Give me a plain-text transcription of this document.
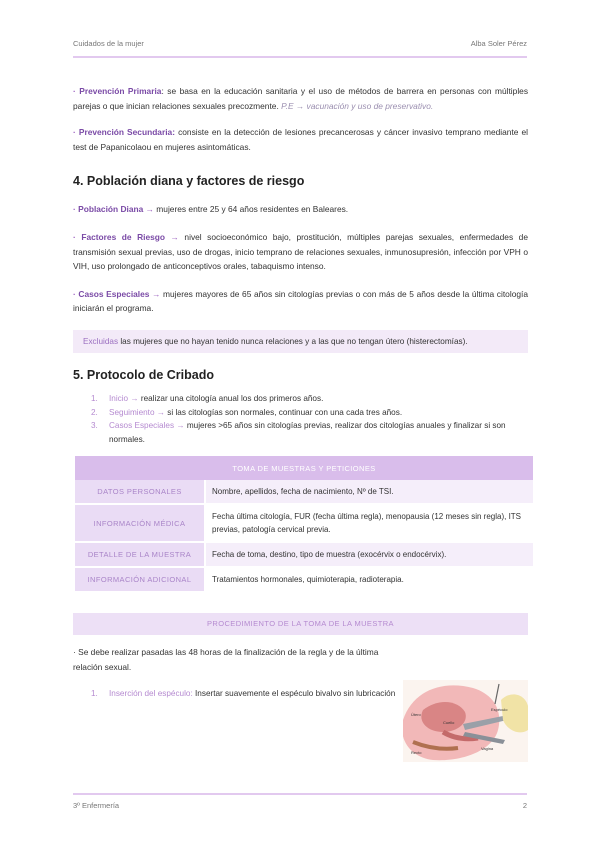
Cuidados de la mujer	Alba Soler Pérez

· Prevención Primaria: se basa en la educación sanitaria y el uso de métodos de barrera en personas con múltiples parejas o que inician relaciones sexuales precozmente. P.E → vacunación y uso de preservativo.

· Prevención Secundaria: consiste en la detección de lesiones precancerosas y cáncer invasivo temprano mediante el test de Papanicolaou en mujeres asintomáticas.

4. Población diana y factores de riesgo

· Población Diana → mujeres entre 25 y 64 años residentes en Baleares.

· Factores de Riesgo → nivel socioeconómico bajo, prostitución, múltiples parejas sexuales, enfermedades de transmisión sexual previas, uso de drogas, inicio temprano de relaciones sexuales, inmunosupresión, infección por VPH o VIH, uso prolongado de anticonceptivos orales, tabaquismo intenso.

· Casos Especiales → mujeres mayores de 65 años sin citologías previas o con más de 5 años desde la última citología iniciarán el programa.

Excluidas las mujeres que no hayan tenido nunca relaciones y a las que no tengan útero (histerectomías).
5. Protocolo de Cribado
1. Inicio → realizar una citología anual los dos primeros años.
2. Seguimiento → si las citologías son normales, continuar con una cada tres años.
3. Casos Especiales → mujeres >65 años sin citologías previas, realizar dos citologías anuales y finalizar si son normales.
TOMA DE MUESTRAS Y PETICIONES	
DATOS PERSONALES	Nombre, apellidos, fecha de nacimiento, Nº de TSI.
INFORMACIÓN MÉDICA	Fecha última citología, FUR (fecha última regla), menopausia (12 meses sin regla), ITS previas, patología cervical previa.
DETALLE DE LA MUESTRA	Fecha de toma, destino, tipo de muestra (exocérvix o endocérvix).
INFORMACIÓN ADICIONAL	Tratamientos hormonales, quimioterapia, radioterapia.
PROCEDIMIENTO DE LA TOMA DE LA MUESTRA

· Se debe realizar pasadas las 48 horas de la finalización de la regla y de la última relación sexual.

1. Inserción del espéculo: Insertar suavemente el espéculo bivalvo sin lubricación
Útero
Cuello
Espéculo
Recto
Vagina
3º Enfermería	2
